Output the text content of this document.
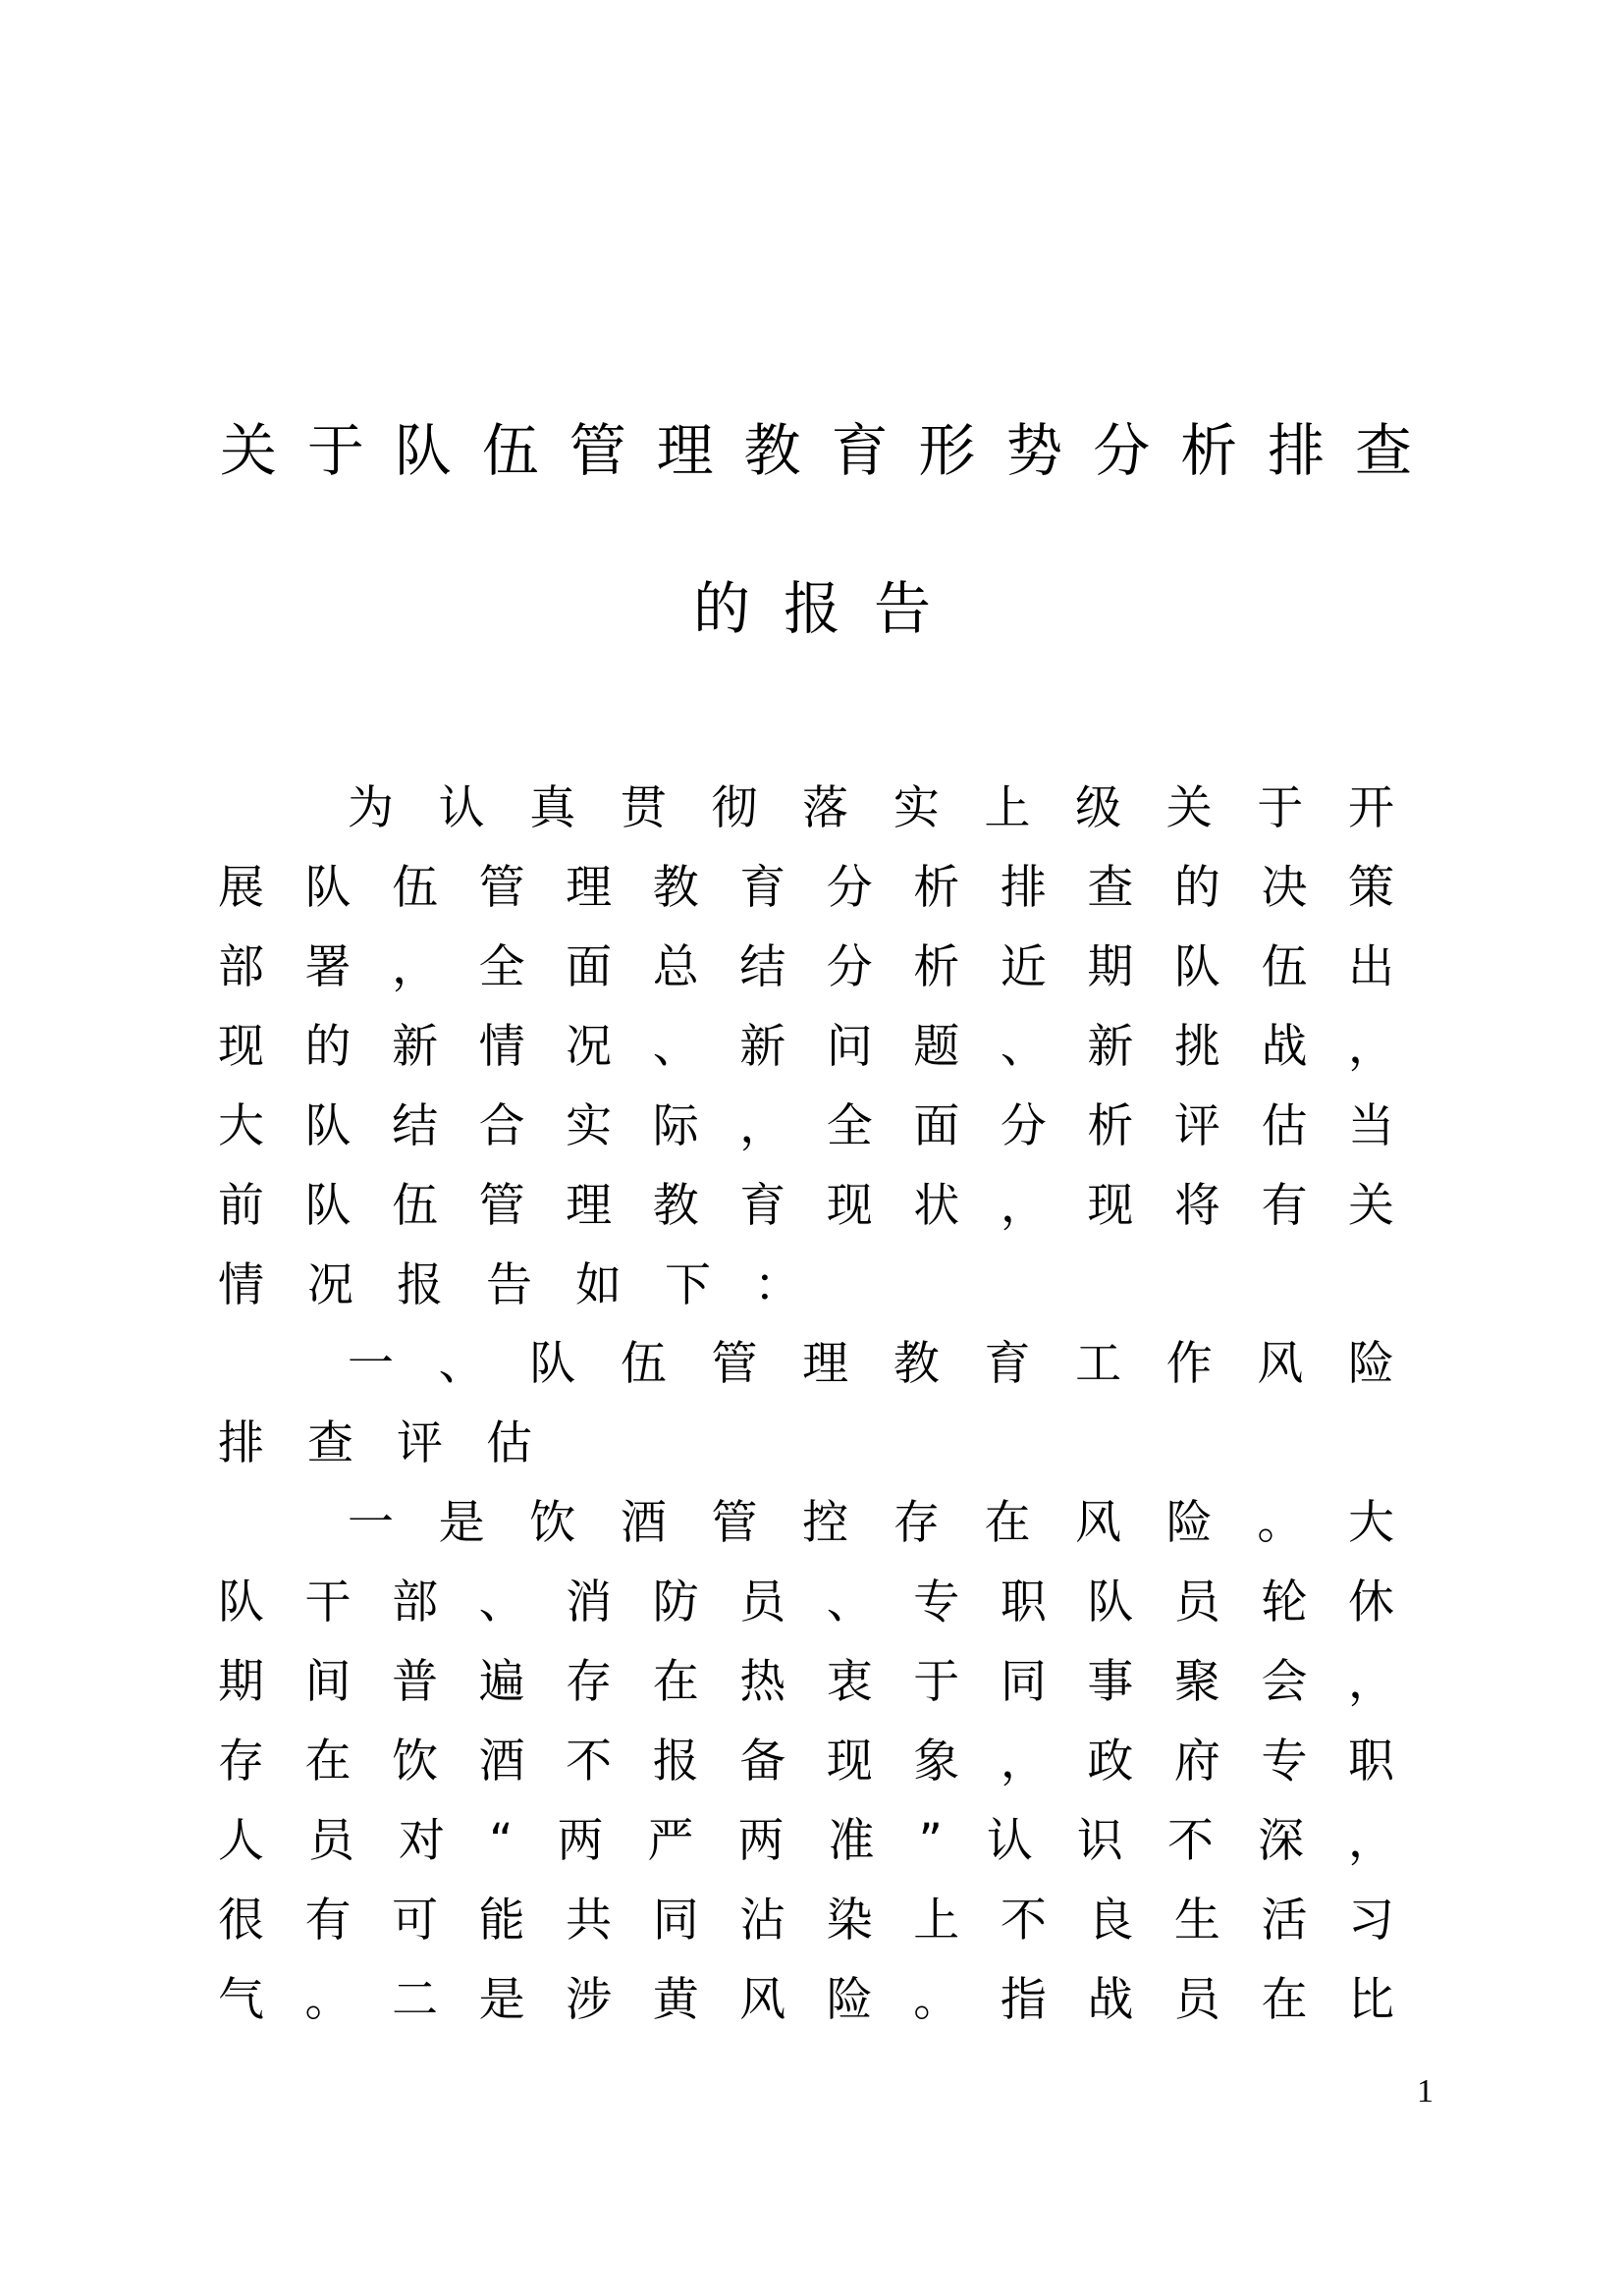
关于队伍管理教育形势分析排查
的报告
为认真贯彻落实上级关于开
展队伍管理教育分析排查的决策
部署，全面总结分析近期队伍出
现的新情况、新问题、新挑战，
大队结合实际，全面分析评估当
前队伍管理教育现状，现将有关
情况报告如下：
一、队伍管理教育工作风险
排查评估
一是饮酒管控存在风险。大
队干部、消防员、专职队员轮休
期间普遍存在热衷于同事聚会，
存在饮酒不报备现象，政府专职
人员对“两严两准”认识不深，
很有可能共同沾染上不良生活习
气。二是涉黄风险。指战员在比
1
